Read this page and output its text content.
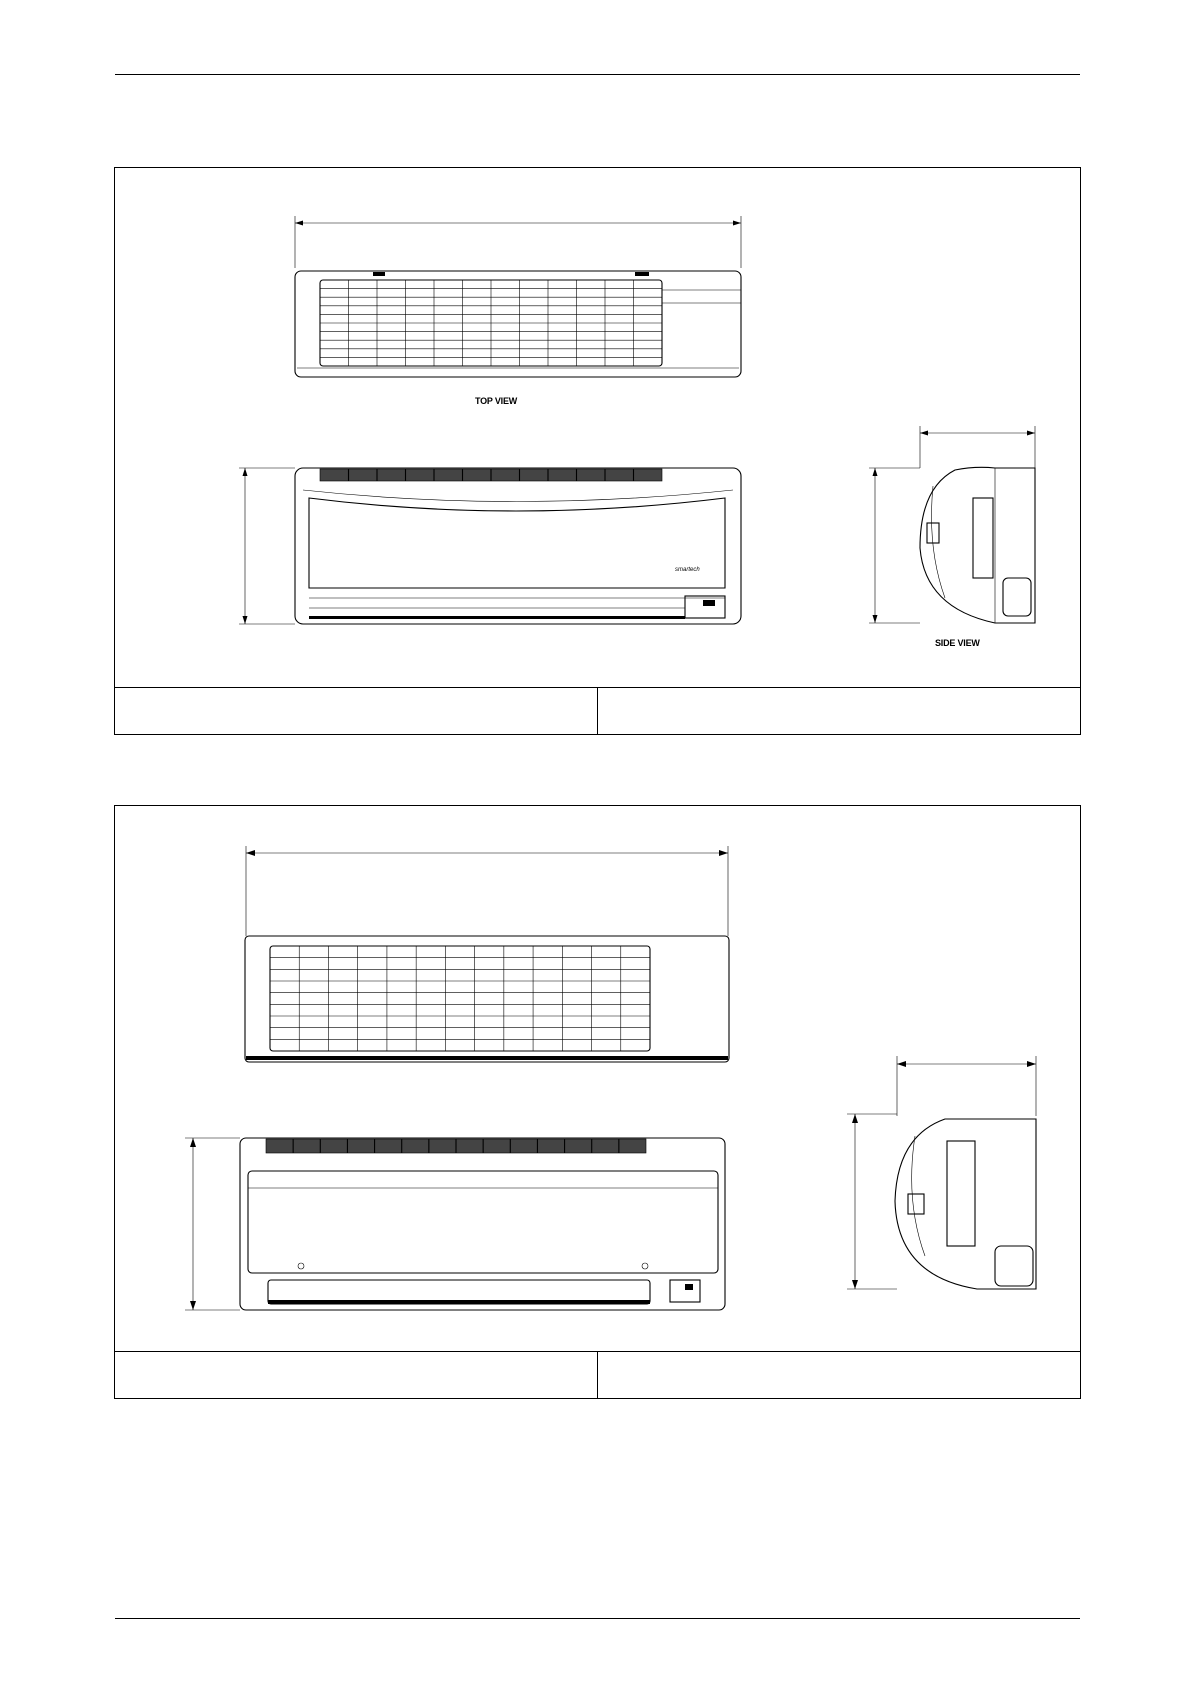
smartech
TOP VIEW
SIDE VIEW
